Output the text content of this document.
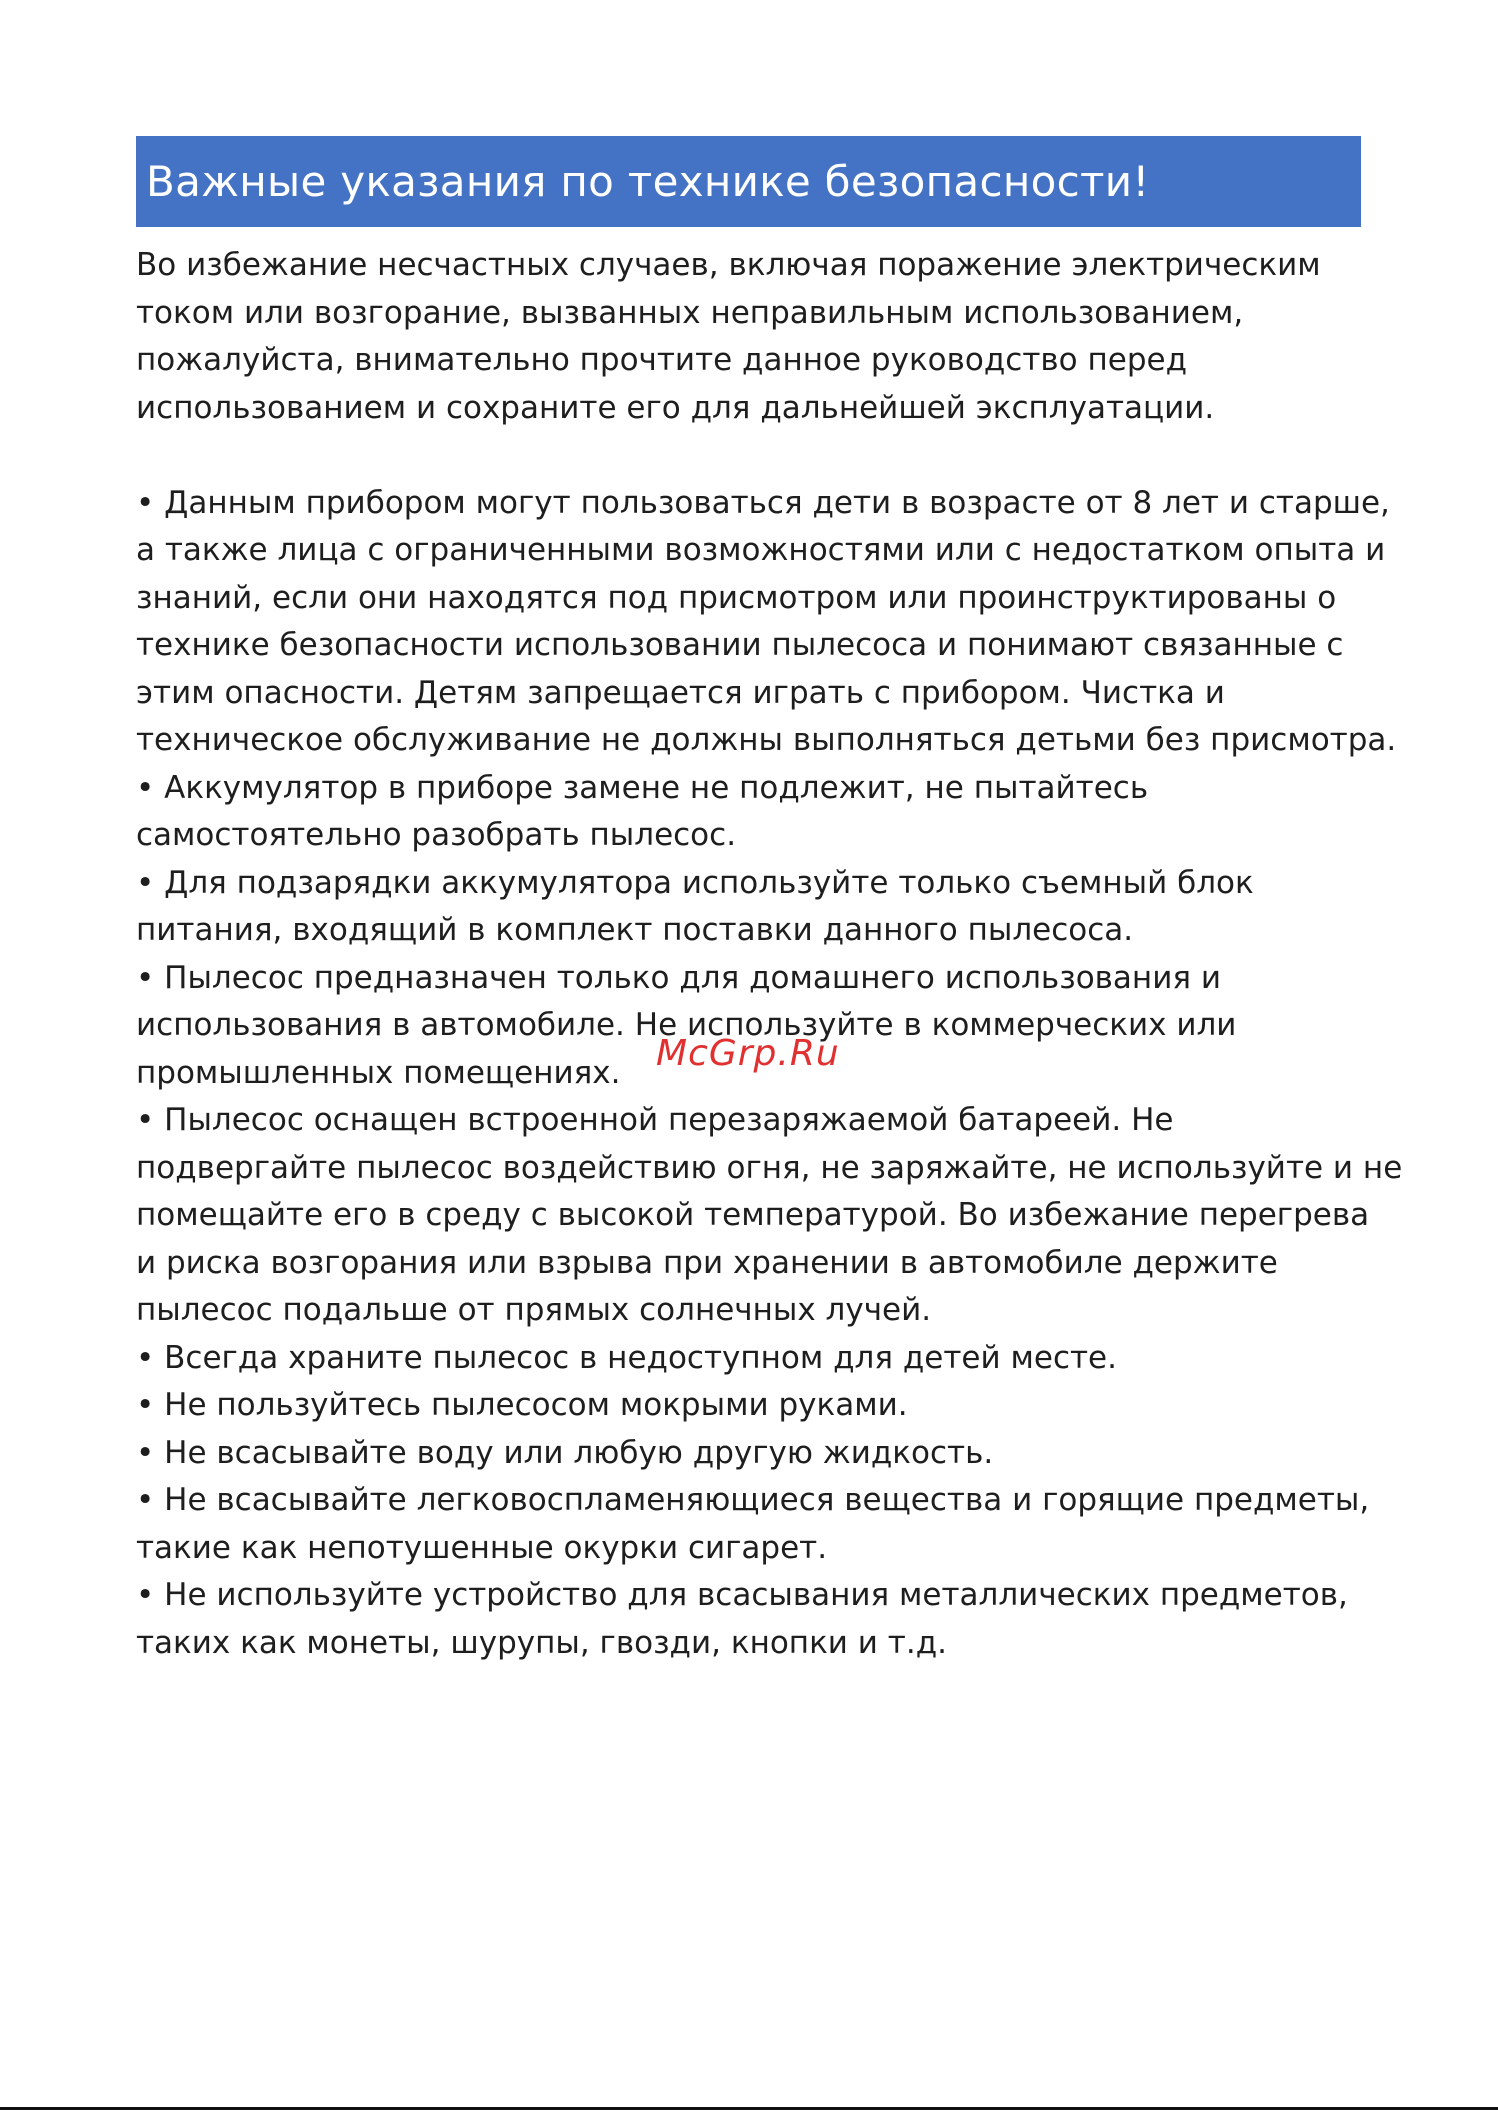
Важные указания по технике безопасности!
Во избежание несчастных случаев, включая поражение электрическим
током или возгорание, вызванных неправильным использованием,
пожалуйста, внимательно прочтите данное руководство перед
использованием и сохраните его для дальнейшей эксплуатации.
• Данным прибором могут пользоваться дети в возрасте от 8 лет и старше,
а также лица с ограниченными возможностями или с недостатком опыта и
знаний, если они находятся под присмотром или проинструктированы о
технике безопасности использовании пылесоса и понимают связанные с
этим опасности. Детям запрещается играть с прибором. Чистка и
техническое обслуживание не должны выполняться детьми без присмотра.
• Аккумулятор в приборе замене не подлежит, не пытайтесь
самостоятельно разобрать пылесос.
• Для подзарядки аккумулятора используйте только съемный блок
питания, входящий в комплект поставки данного пылесоса.
• Пылесос предназначен только для домашнего использования и
использования в автомобиле. Не используйте в коммерческих или
промышленных помещениях.
• Пылесос оснащен встроенной перезаряжаемой батареей. Не
подвергайте пылесос воздействию огня, не заряжайте, не используйте и не
помещайте его в среду с высокой температурой. Во избежание перегрева
и риска возгорания или взрыва при хранении в автомобиле держите
пылесос подальше от прямых солнечных лучей.
• Всегда храните пылесос в недоступном для детей месте.
• Не пользуйтесь пылесосом мокрыми руками.
• Не всасывайте воду или любую другую жидкость.
• Не всасывайте легковоспламеняющиеся вещества и горящие предметы,
такие как непотушенные окурки сигарет.
• Не используйте устройство для всасывания металлических предметов,
таких как монеты, шурупы, гвозди, кнопки и т.д.
McGrp.Ru
